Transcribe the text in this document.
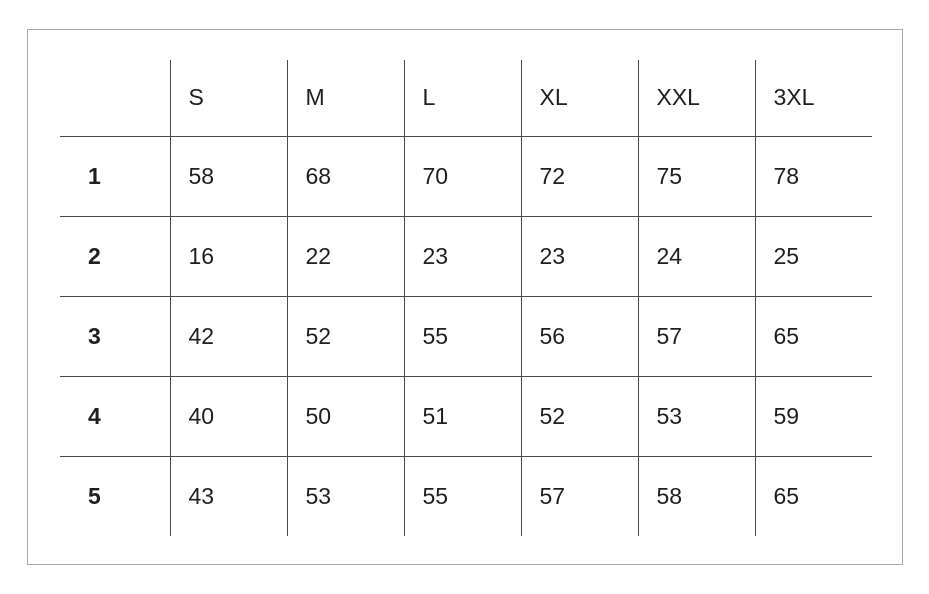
	S	M	L	XL	XXL	3XL
1	58	68	70	72	75	78
2	16	22	23	23	24	25
3	42	52	55	56	57	65
4	40	50	51	52	53	59
5	43	53	55	57	58	65
